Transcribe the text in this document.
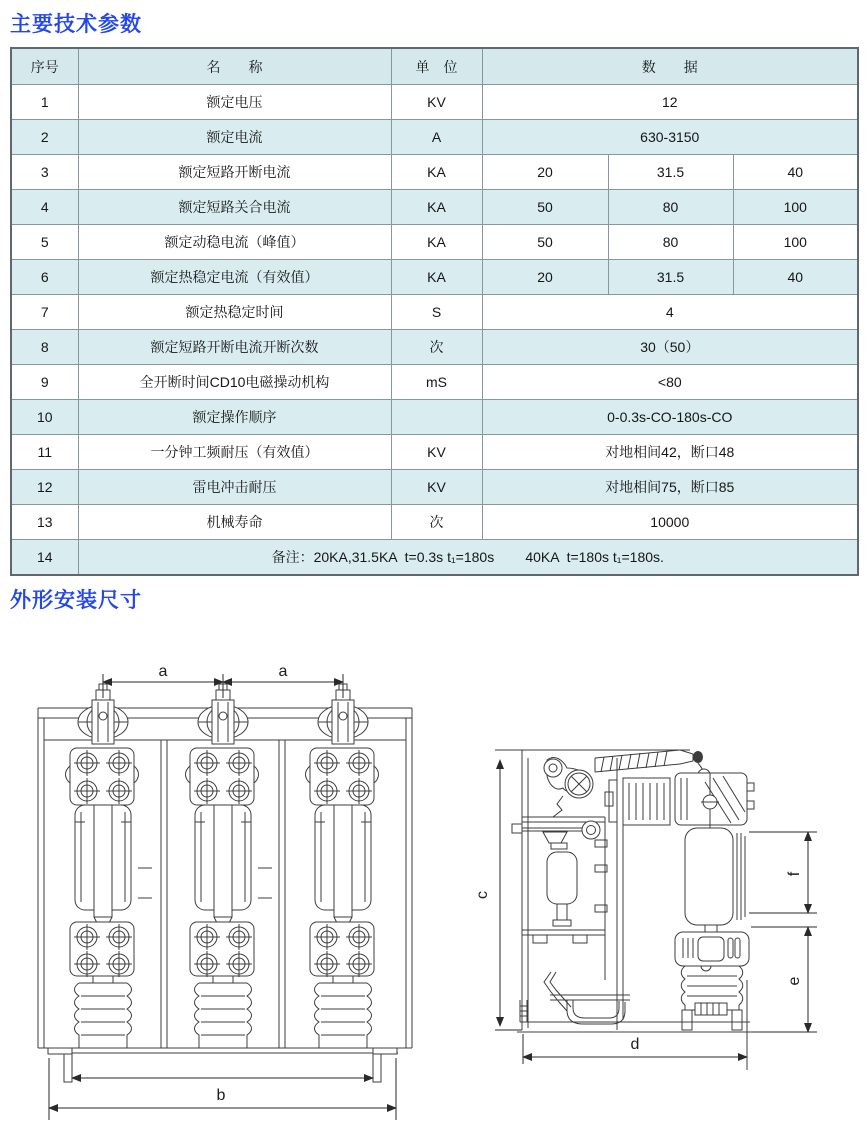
主要技术参数
序号	名　　称	单　位	数　　据		
1	额定电压	KV	12		
2	额定电流	A	630-3150		
3	额定短路开断电流	KA	20	31.5	40
4	额定短路关合电流	KA	50	80	100
5	额定动稳电流（峰值）	KA	50	80	100
6	额定热稳定电流（有效值）	KA	20	31.5	40
7	额定热稳定时间	S	4		
8	额定短路开断电流开断次数	次	30（50）		
9	全开断时间CD10电磁操动机构	mS	<80		
10	额定操作顺序		0-0.3s-CO-180s-CO		
11	一分钟工频耐压（有效值）	KV	对地相间42，断口48		
12	雷电冲击耐压	KV	对地相间75，断口85		
13	机械寿命	次	10000		
14	备注：20KA,31.5KA  t=0.3s t₁=180s        40KA  t=180s t₁=180s.				
外形安装尺寸
a	a
b
c
f
e
d
